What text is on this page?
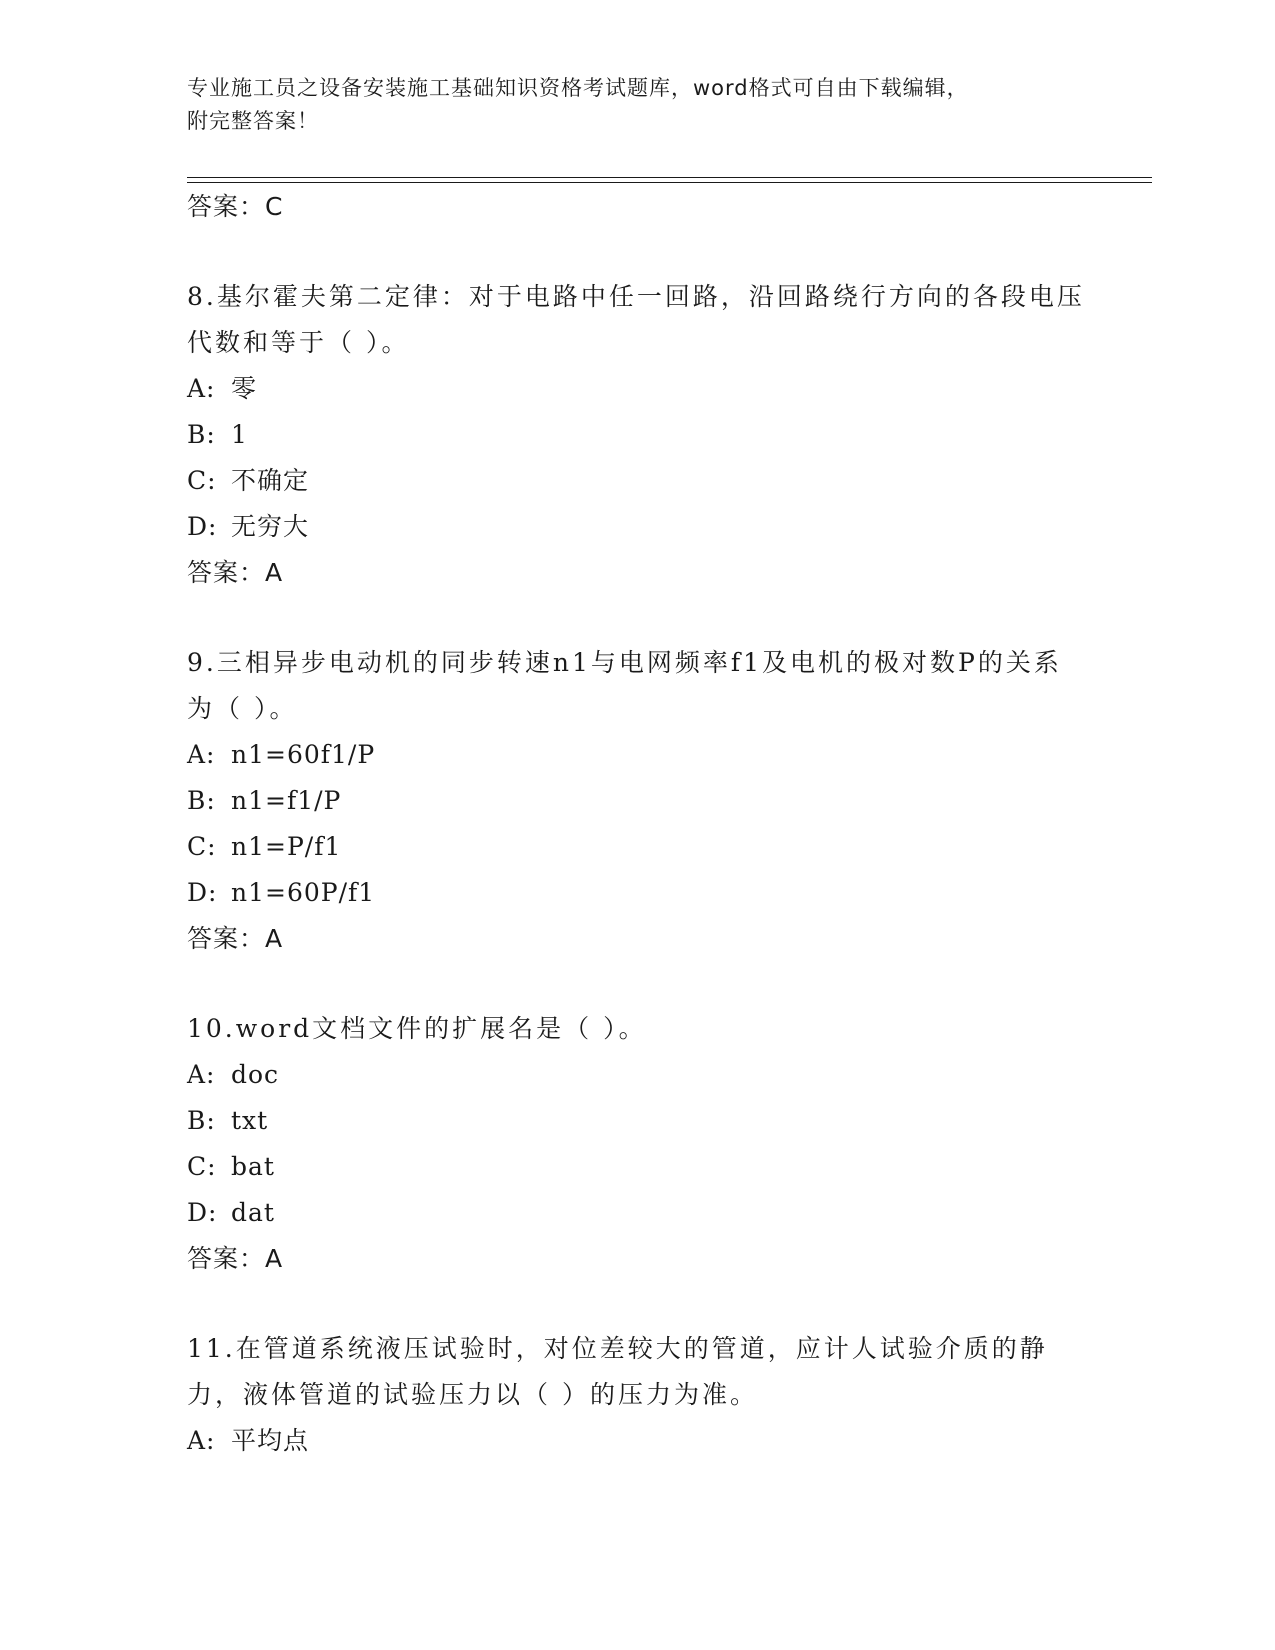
专业施工员之设备安装施工基础知识资格考试题库，word格式可自由下载编辑，
附完整答案！
答案：C
8.基尔霍夫第二定律：对于电路中任一回路，沿回路绕行方向的各段电压代数和等于（ ）。
A: 零
B: 1
C: 不确定
D: 无穷大
答案：A
9.三相异步电动机的同步转速n1与电网频率f1及电机的极对数P的关系为（ ）。
A: n1=60f1/P
B: n1=f1/P
C: n1=P/f1
D: n1=60P/f1
答案：A
10.word文档文件的扩展名是（ ）。
A: doc
B: txt
C: bat
D: dat
答案：A
11.在管道系统液压试验时，对位差较大的管道，应计人试验介质的静力，液体管道的试验压力以（ ）的压力为准。
A: 平均点
